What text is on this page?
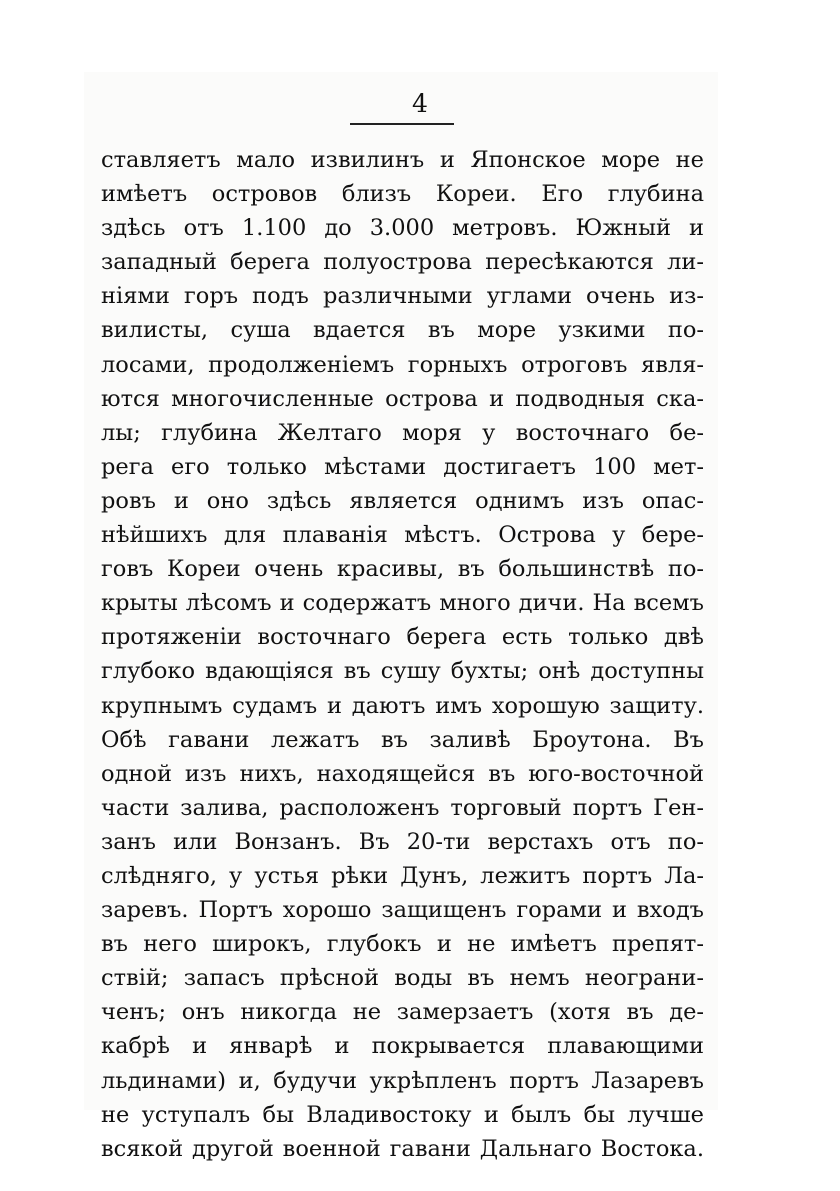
4
ставляетъ мало извилинъ и Японское море не
имѣетъ островов близъ Кореи. Его глубина
здѣсь отъ 1.100 до 3.000 метровъ. Южный и
западный берега полуострова пересѣкаются ли-
ніями горъ подъ различными углами очень из-
вилисты, суша вдается въ море узкими по-
лосами, продолженіемъ горныхъ отроговъ явля-
ются многочисленные острова и подводныя ска-
лы; глубина Желтаго моря у восточнаго бе-
рега его только мѣстами достигаетъ 100 мет-
ровъ и оно здѣсь является однимъ изъ опас-
нѣйшихъ для плаванія мѣстъ. Острова у бере-
говъ Кореи очень красивы, въ большинствѣ по-
крыты лѣсомъ и содержатъ много дичи. На всемъ
протяженіи восточнаго берега есть только двѣ
глубоко вдающіяся въ сушу бухты; онѣ доступны
крупнымъ судамъ и даютъ имъ хорошую защиту.
Обѣ гавани лежатъ въ заливѣ Броутона. Въ
одной изъ нихъ, находящейся въ юго-восточной
части залива, расположенъ торговый портъ Ген-
занъ или Вонзанъ. Въ 20-ти верстахъ отъ по-
слѣдняго, у устья рѣки Дунъ, лежитъ портъ Ла-
заревъ. Портъ хорошо защищенъ горами и входъ
въ него широкъ, глубокъ и не имѣетъ препят-
ствій; запасъ прѣсной воды въ немъ неограни-
ченъ; онъ никогда не замерзаетъ (хотя въ де-
кабрѣ и январѣ и покрывается плавающими
льдинами) и, будучи укрѣпленъ портъ Лазаревъ
не уступалъ бы Владивостоку и былъ бы лучше
всякой другой военной гавани Дальнаго Востока.
